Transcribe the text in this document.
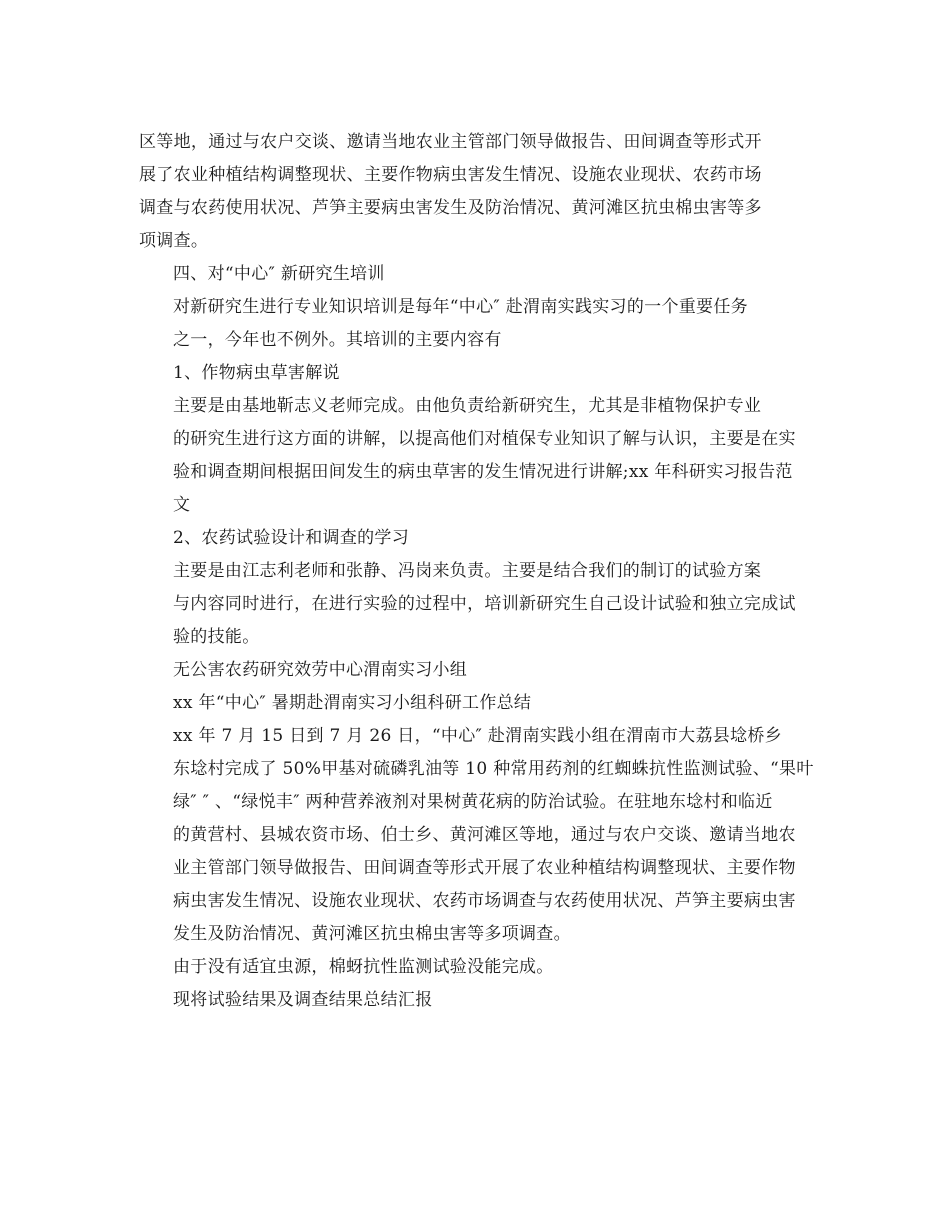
区等地，通过与农户交谈、邀请当地农业主管部门领导做报告、田间调查等形式开
展了农业种植结构调整现状、主要作物病虫害发生情况、设施农业现状、农药市场
调查与农药使用状况、芦笋主要病虫害发生及防治情况、黄河滩区抗虫棉虫害等多
项调查。

四、对“中心″ 新研究生培训

对新研究生进行专业知识培训是每年“中心″ 赴渭南实践实习的一个重要任务
之一，今年也不例外。其培训的主要内容有

1、作物病虫草害解说

主要是由基地靳志义老师完成。由他负责给新研究生，尤其是非植物保护专业
的研究生进行这方面的讲解，以提高他们对植保专业知识了解与认识，主要是在实
验和调查期间根据田间发生的病虫草害的发生情况进行讲解;xx 年科研实习报告范
文

2、农药试验设计和调查的学习

主要是由江志利老师和张静、冯岗来负责。主要是结合我们的制订的试验方案
与内容同时进行，在进行实验的过程中，培训新研究生自己设计试验和独立完成试
验的技能。

无公害农药研究效劳中心渭南实习小组

xx 年“中心″ 暑期赴渭南实习小组科研工作总结

xx 年 7 月 15 日到 7 月 26 日，“中心″ 赴渭南实践小组在渭南市大荔县埝桥乡
东埝村完成了 50%甲基对硫磷乳油等 10 种常用药剂的红蜘蛛抗性监测试验、“果叶
绿″ ″ 、“绿悦丰″ 两种营养液剂对果树黄花病的防治试验。在驻地东埝村和临近
的黄营村、县城农资市场、伯士乡、黄河滩区等地，通过与农户交谈、邀请当地农
业主管部门领导做报告、田间调查等形式开展了农业种植结构调整现状、主要作物
病虫害发生情况、设施农业现状、农药市场调查与农药使用状况、芦笋主要病虫害
发生及防治情况、黄河滩区抗虫棉虫害等多项调查。

由于没有适宜虫源，棉蚜抗性监测试验没能完成。

现将试验结果及调查结果总结汇报
